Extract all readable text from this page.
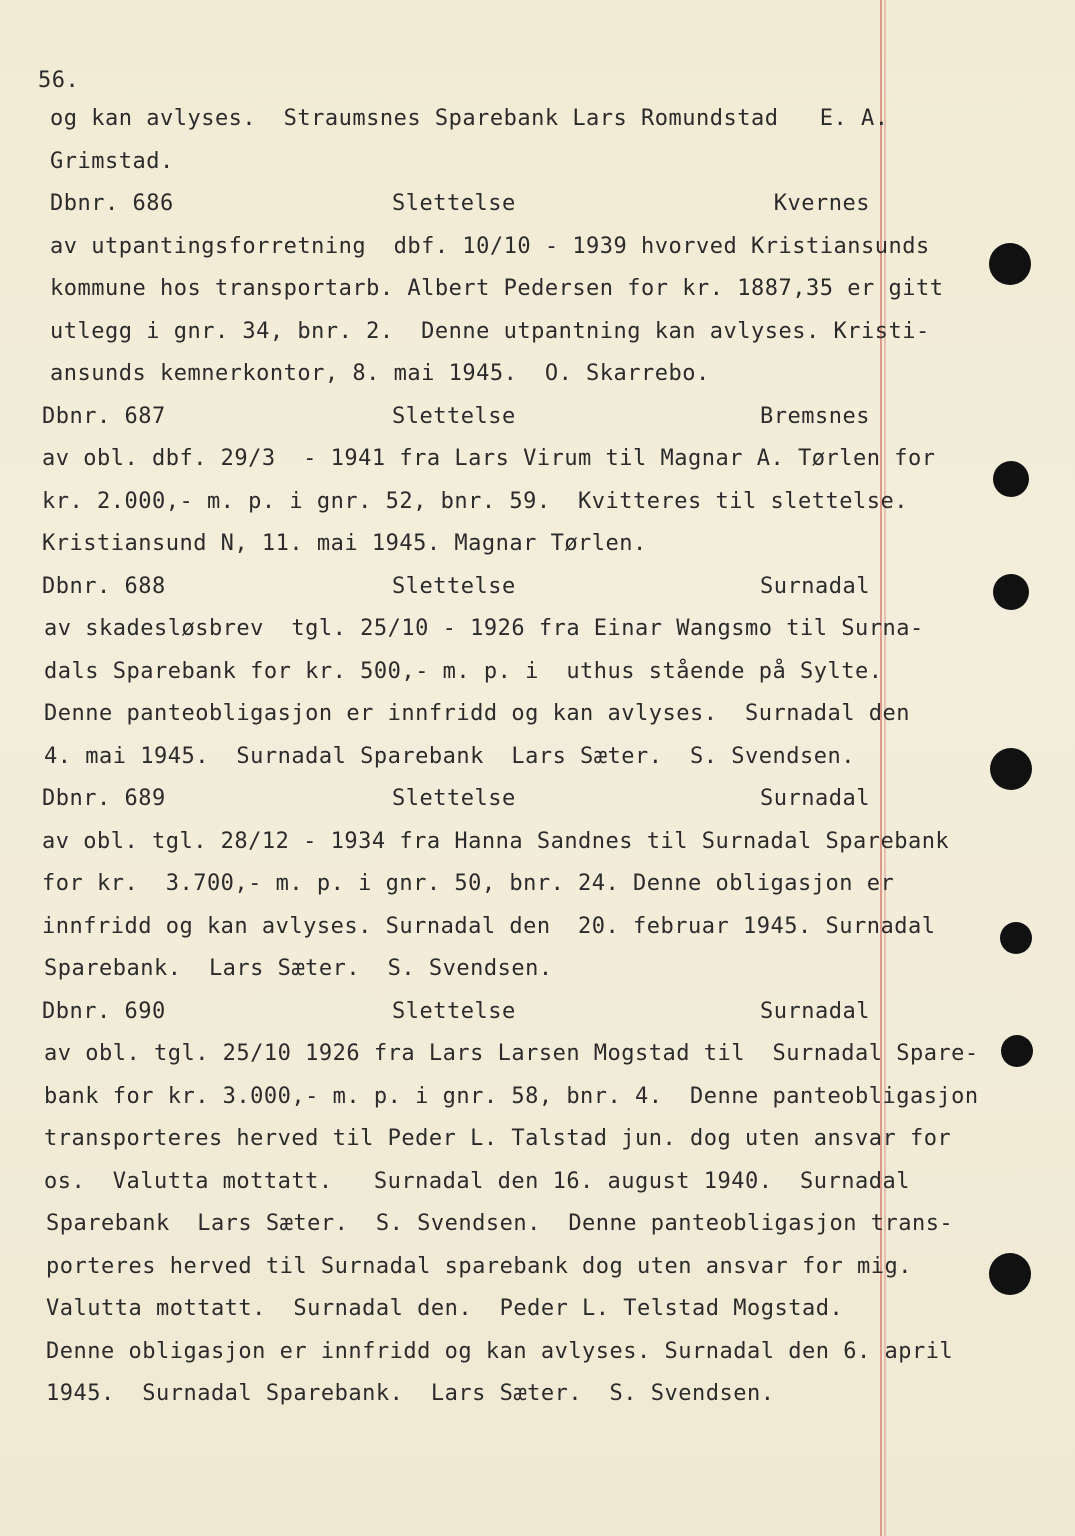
56.
og kan avlyses.  Straumsnes Sparebank Lars Romundstad   E. A.
Grimstad.
Dbnr. 686	Slettelse	Kvernes
av utpantingsforretning  dbf. 10/10 - 1939 hvorved Kristiansunds
kommune hos transportarb. Albert Pedersen for kr. 1887,35 er gitt
utlegg i gnr. 34, bnr. 2.  Denne utpantning kan avlyses. Kristi-
ansunds kemnerkontor, 8. mai 1945.  O. Skarrebo.
Dbnr. 687	Slettelse	Bremsnes
av obl. dbf. 29/3  - 1941 fra Lars Virum til Magnar A. Tørlen for
kr. 2.000,- m. p. i gnr. 52, bnr. 59.  Kvitteres til slettelse.
Kristiansund N, 11. mai 1945. Magnar Tørlen.
Dbnr. 688	Slettelse	Surnadal
av skadesløsbrev  tgl. 25/10 - 1926 fra Einar Wangsmo til Surna-
dals Sparebank for kr. 500,- m. p. i  uthus stående på Sylte.
Denne panteobligasjon er innfridd og kan avlyses.  Surnadal den
4. mai 1945.  Surnadal Sparebank  Lars Sæter.  S. Svendsen.
Dbnr. 689	Slettelse	Surnadal
av obl. tgl. 28/12 - 1934 fra Hanna Sandnes til Surnadal Sparebank
for kr.  3.700,- m. p. i gnr. 50, bnr. 24. Denne obligasjon er
innfridd og kan avlyses. Surnadal den  20. februar 1945. Surnadal
Sparebank.  Lars Sæter.  S. Svendsen.
Dbnr. 690	Slettelse	Surnadal
av obl. tgl. 25/10 1926 fra Lars Larsen Mogstad til  Surnadal Spare-
bank for kr. 3.000,- m. p. i gnr. 58, bnr. 4.  Denne panteobligasjon
transporteres herved til Peder L. Talstad jun. dog uten ansvar for
os.  Valutta mottatt.   Surnadal den 16. august 1940.  Surnadal
Sparebank  Lars Sæter.  S. Svendsen.  Denne panteobligasjon trans-
porteres herved til Surnadal sparebank dog uten ansvar for mig.
Valutta mottatt.  Surnadal den.  Peder L. Telstad Mogstad.
Denne obligasjon er innfridd og kan avlyses. Surnadal den 6. april
1945.  Surnadal Sparebank.  Lars Sæter.  S. Svendsen.
